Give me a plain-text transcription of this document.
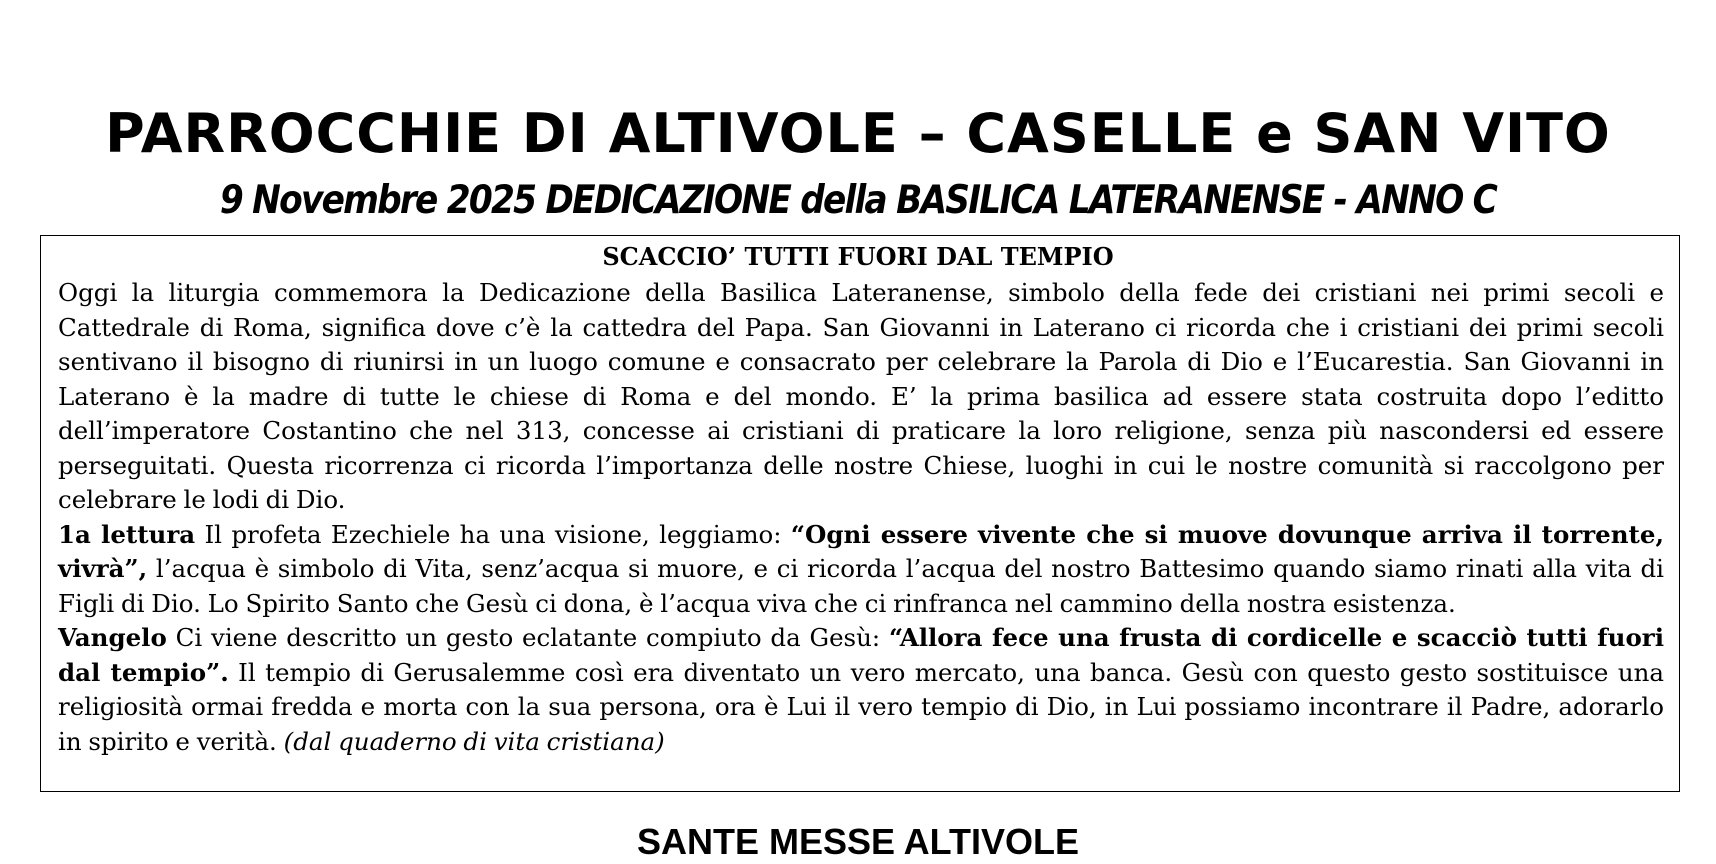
PARROCCHIE DI ALTIVOLE – CASELLE e SAN VITO
9 Novembre 2025 DEDICAZIONE della BASILICA LATERANENSE - ANNO C
SCACCIO’ TUTTI FUORI DAL TEMPIO

Oggi la liturgia commemora la Dedicazione della Basilica Lateranense, simbolo della fede dei cristiani nei primi secoli e Cattedrale di Roma, significa dove c’è la cattedra del Papa. San Giovanni in Laterano ci ricorda che i cristiani dei primi secoli sentivano il bisogno di riunirsi in un luogo comune e consacrato per celebrare la Parola di Dio e l’Eucarestia. San Giovanni in Laterano è la madre di tutte le chiese di Roma e del mondo. E’ la prima basilica ad essere stata costruita dopo l’editto dell’imperatore Costantino che nel 313, concesse ai cristiani di praticare la loro religione, senza più nascondersi ed essere perseguitati. Questa ricorrenza ci ricorda l’importanza delle nostre Chiese, luoghi in cui le nostre comunità si raccolgono per celebrare le lodi di Dio.

1a lettura Il profeta Ezechiele ha una visione, leggiamo: “Ogni essere vivente che si muove dovunque arriva il torrente, vivrà”, l’acqua è simbolo di Vita, senz’acqua si muore, e ci ricorda l’acqua del nostro Battesimo quando siamo rinati alla vita di Figli di Dio. Lo Spirito Santo che Gesù ci dona, è l’acqua viva che ci rinfranca nel cammino della nostra esistenza.

Vangelo Ci viene descritto un gesto eclatante compiuto da Gesù: “Allora fece una frusta di cordicelle e scacciò tutti fuori dal tempio”. Il tempio di Gerusalemme così era diventato un vero mercato, una banca. Gesù con questo gesto sostituisce una religiosità ormai fredda e morta con la sua persona, ora è Lui il vero tempio di Dio, in Lui possiamo incontrare il Padre, adorarlo in spirito e verità. (dal quaderno di vita cristiana)

SANTE MESSE ALTIVOLE
